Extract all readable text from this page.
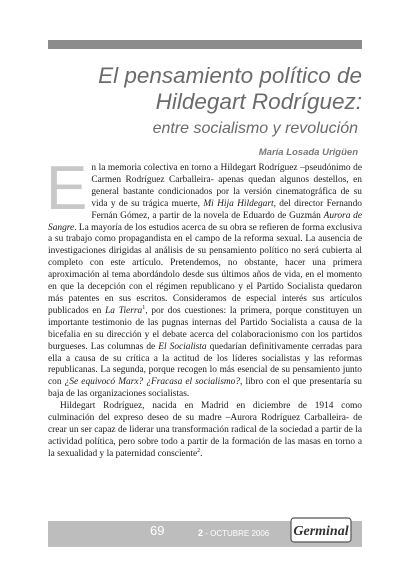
El pensamiento político de
Hildegart Rodríguez:
entre socialismo y revolución
María Losada Urigüen

En la memoria colectiva en torno a Hildegart Rodríguez –pseudónimo de Carmen Rodríguez Carballeira- apenas quedan algunos destellos, en general bastante condicionados por la versión cinematográfica de su vida y de su trágica muerte, Mi Hija Hildegart, del director Fernando Fernán Gómez, a partir de la novela de Eduardo de Guzmán Aurora de Sangre. La mayoría de los estudios acerca de su obra se refieren de forma exclusiva a su trabajo como propagandista en el campo de la reforma sexual. La ausencia de investigaciones dirigidas al análisis de su pensamiento político no será cubierta al completo con este artículo. Pretendemos, no obstante, hacer una primera aproximación al tema abordándolo desde sus últimos años de vida, en el momento en que la decepción con el régimen republicano y el Partido Socialista quedaron más patentes en sus escritos. Consideramos de especial interés sus artículos publicados en La Tierra$^1$, por dos cuestiones: la primera, porque constituyen un importante testimonio de las pugnas internas del Partido Socialista a causa de la bicefalia en su dirección y el debate acerca del colaboracionismo con los partidos burgueses. Las columnas de El Socialista quedarían definitivamente cerradas para ella a causa de su crítica a la actitud de los líderes socialistas y las reformas republicanas. La segunda, porque recogen lo más esencial de su pensamiento junto con ¿Se equivocó Marx? ¿Fracasa el socialismo?, libro con el que presentaría su baja de las organizaciones socialistas.

Hildegart Rodríguez, nacida en Madrid en diciembre de 1914 como culminación del expreso deseo de su madre –Aurora Rodríguez Carballeira- de crear un ser capaz de liderar una transformación radical de la sociedad a partir de la actividad política, pero sobre todo a partir de la formación de las masas en torno a la sexualidad y la paternidad consciente$^2$.

69	2 - OCTUBRE 2006 Germinal
